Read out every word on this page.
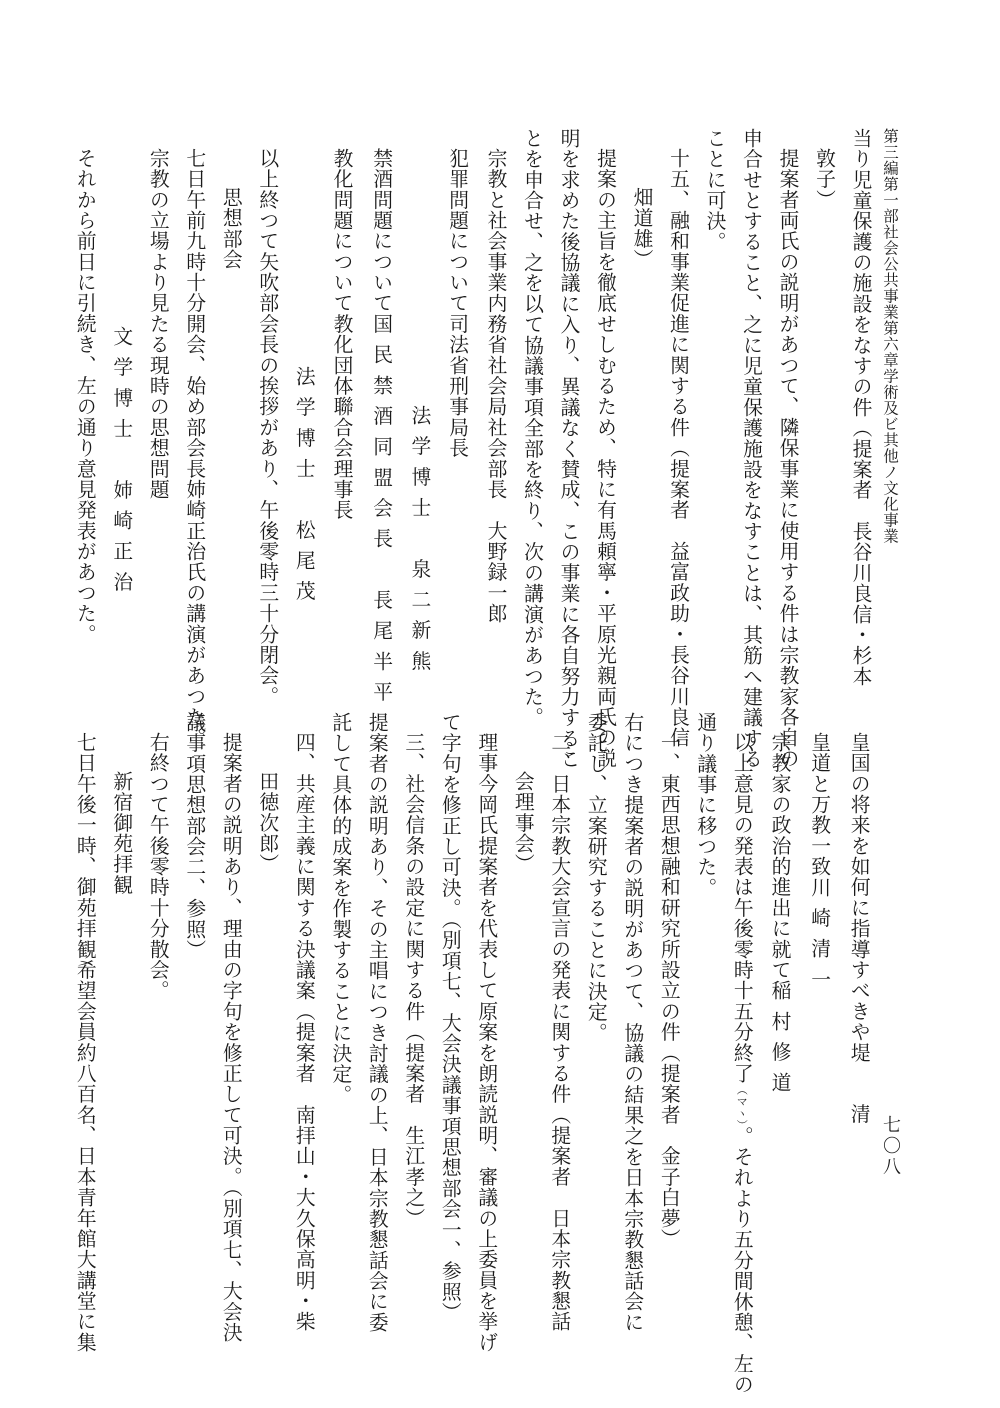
第三編第一部社会公共事業第六章学術及ビ其他ノ文化事業
七〇八
当り児童保護の施設をなすの件（提案者　長谷川良信・杉本
敦子）
提案者両氏の説明があつて、隣保事業に使用する件は宗教家各自の
申合せとすること、之に児童保護施設をなすことは、其筋へ建議する
ことに可決。
十五、融和事業促進に関する件（提案者　益富政助・長谷川良信
畑道雄）
提案の主旨を徹底せしむるため、特に有馬頼寧・平原光親両氏の説
明を求めた後協議に入り、異議なく賛成、この事業に各自努力するこ
とを申合せ、之を以て協議事項全部を終り、次の講演があつた。
宗教と社会事業内務省社会局社会部長　大野録一郎
犯罪問題について司法省刑事局長
法学博士　泉二新熊
禁酒問題について国民禁酒同盟会長　長尾半平
教化問題について教化団体聯合会理事長
法学博士　松尾茂
以上終つて矢吹部会長の挨拶があり、午後零時三十分閉会。
思想部会
七日午前九時十分開会、始め部会長姉崎正治氏の講演があつた。
宗教の立場より見たる現時の思想問題
文学博士　姉崎正治
それから前日に引続き、左の通り意見発表があつた。
皇国の将来を如何に指導すべきや堤　清
皇道と万教一致川崎清一
宗教家の政治的進出に就て稲村修道
以上意見の発表は午後零時十五分終了（マヽ）。それより五分間休憩、左の
通り議事に移つた。
一、東西思想融和研究所設立の件（提案者　金子白夢）
右につき提案者の説明があつて、協議の結果之を日本宗教懇話会に
委託し、立案研究することに決定。
二、日本宗教大会宣言の発表に関する件（提案者　日本宗教懇話
会理事会）
理事今岡氏提案者を代表して原案を朗読説明、審議の上委員を挙げ
て字句を修正し可決。（別項七、大会決議事項思想部会一、参照）
三、社会信条の設定に関する件（提案者　生江孝之）
提案者の説明あり、その主唱につき討議の上、日本宗教懇話会に委
託して具体的成案を作製することに決定。
四、共産主義に関する決議案（提案者　南拝山・大久保高明・柴
田徳次郎）
提案者の説明あり、理由の字句を修正して可決。（別項七、大会決
議事項思想部会二、参照）
右終つて午後零時十分散会。
新宿御苑拝観
七日午後一時、御苑拝観希望会員約八百名、日本青年館大講堂に集
